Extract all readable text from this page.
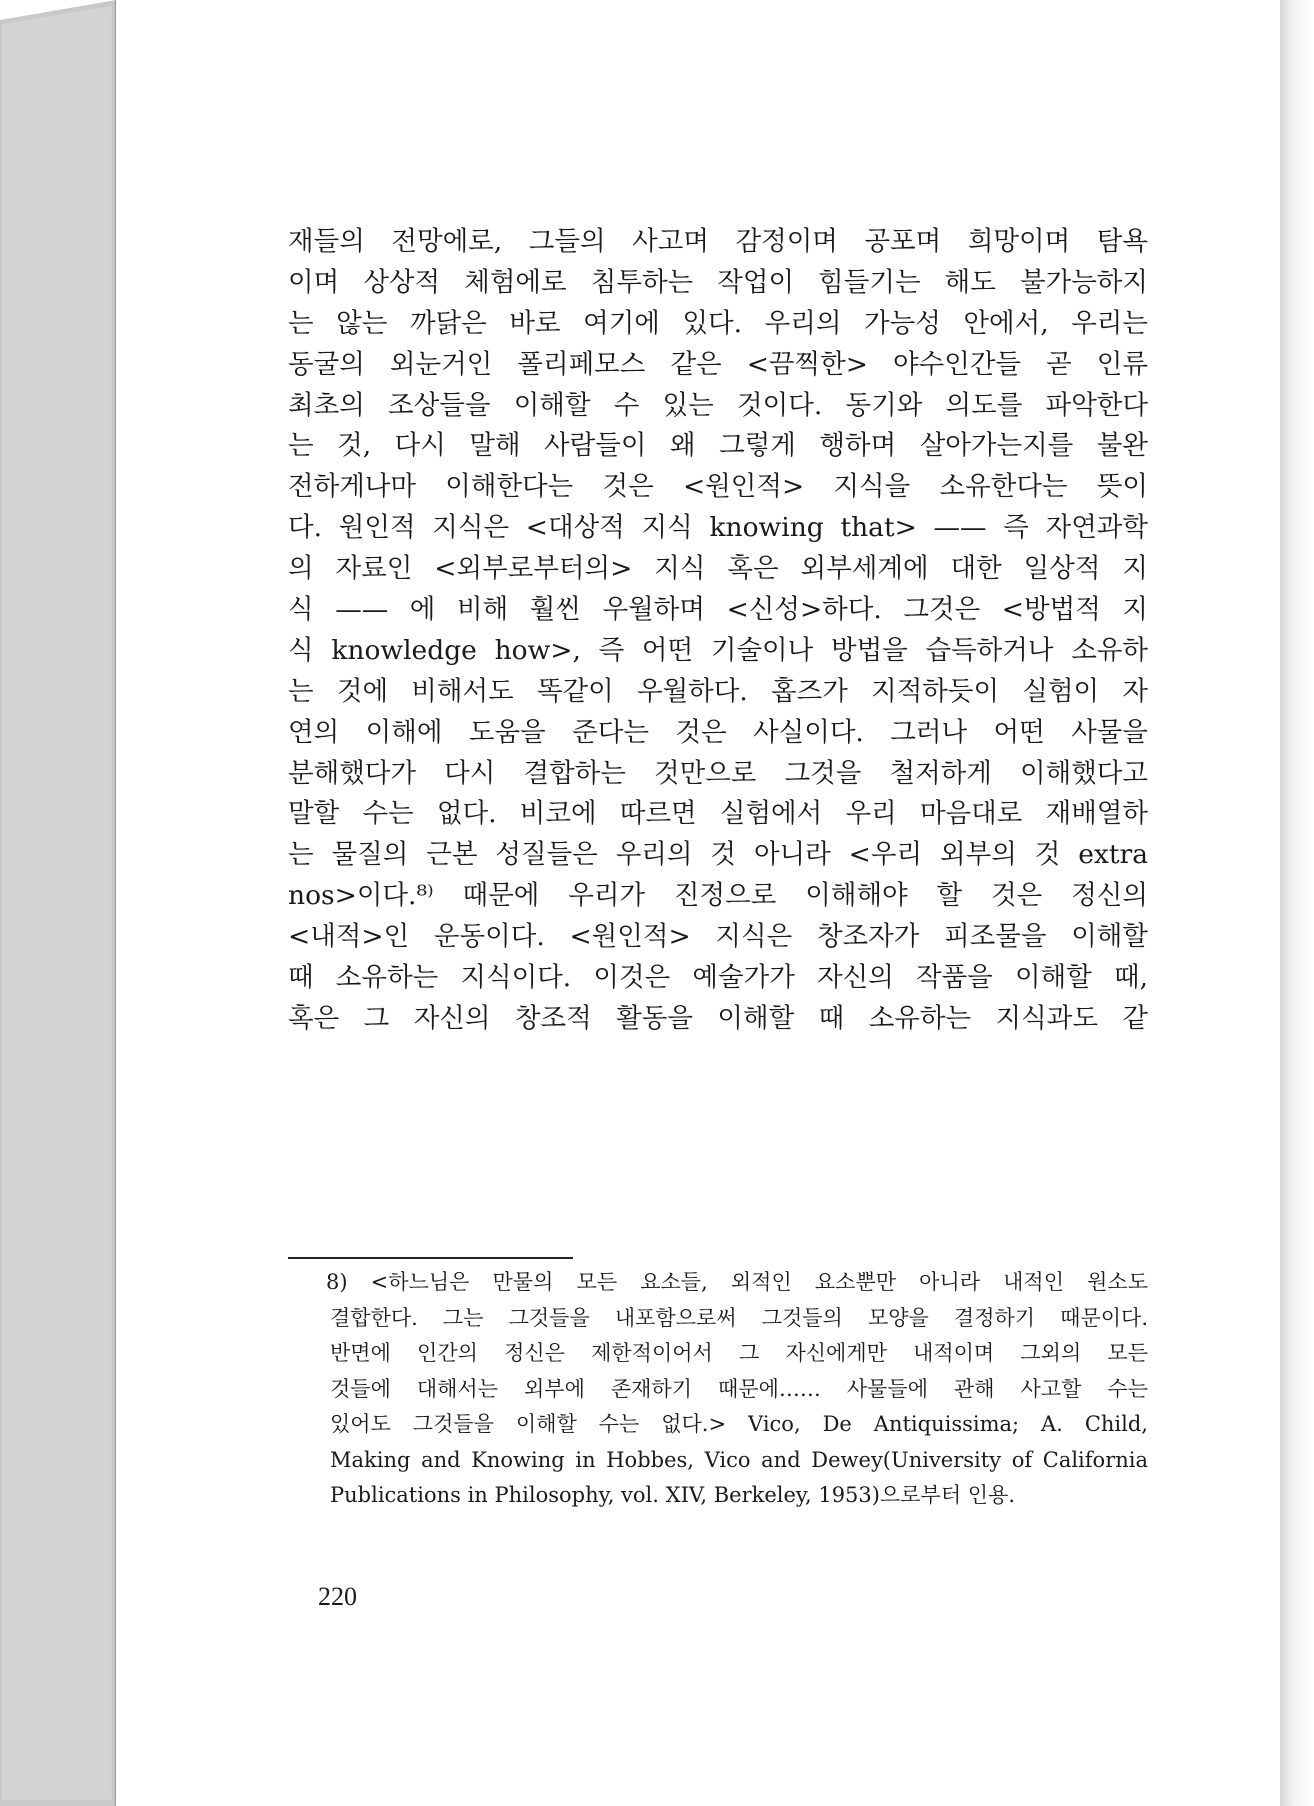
재들의 전망에로, 그들의 사고며 감정이며 공포며 희망이며 탐욕
이며 상상적 체험에로 침투하는 작업이 힘들기는 해도 불가능하지
는 않는 까닭은 바로 여기에 있다. 우리의 가능성 안에서, 우리는
동굴의 외눈거인 폴리페모스 같은 <끔찍한> 야수인간들 곧 인류
최초의 조상들을 이해할 수 있는 것이다. 동기와 의도를 파악한다
는 것, 다시 말해 사람들이 왜 그렇게 행하며 살아가는지를 불완
전하게나마 이해한다는 것은 <원인적> 지식을 소유한다는 뜻이
다. 원인적 지식은 <대상적 지식 knowing that> —— 즉 자연과학
의 자료인 <외부로부터의> 지식 혹은 외부세계에 대한 일상적 지
식 —— 에 비해 훨씬 우월하며 <신성>하다. 그것은 <방법적 지
식 knowledge how>, 즉 어떤 기술이나 방법을 습득하거나 소유하
는 것에 비해서도 똑같이 우월하다. 홉즈가 지적하듯이 실험이 자
연의 이해에 도움을 준다는 것은 사실이다. 그러나 어떤 사물을
분해했다가 다시 결합하는 것만으로 그것을 철저하게 이해했다고
말할 수는 없다. 비코에 따르면 실험에서 우리 마음대로 재배열하
는 물질의 근본 성질들은 우리의 것 아니라 <우리 외부의 것 extra
nos>이다.⁸⁾ 때문에 우리가 진정으로 이해해야 할 것은 정신의
<내적>인 운동이다. <원인적> 지식은 창조자가 피조물을 이해할
때 소유하는 지식이다. 이것은 예술가가 자신의 작품을 이해할 때,
혹은 그 자신의 창조적 활동을 이해할 때 소유하는 지식과도 같
8) <하느님은 만물의 모든 요소들, 외적인 요소뿐만 아니라 내적인 원소도
결합한다. 그는 그것들을 내포함으로써 그것들의 모양을 결정하기 때문이다.
반면에 인간의 정신은 제한적이어서 그 자신에게만 내적이며 그외의 모든
것들에 대해서는 외부에 존재하기 때문에…… 사물들에 관해 사고할 수는
있어도 그것들을 이해할 수는 없다.> Vico, De Antiquissima; A. Child,
Making and Knowing in Hobbes, Vico and Dewey(University of California
Publications in Philosophy, vol. XIV, Berkeley, 1953)으로부터 인용.
220
